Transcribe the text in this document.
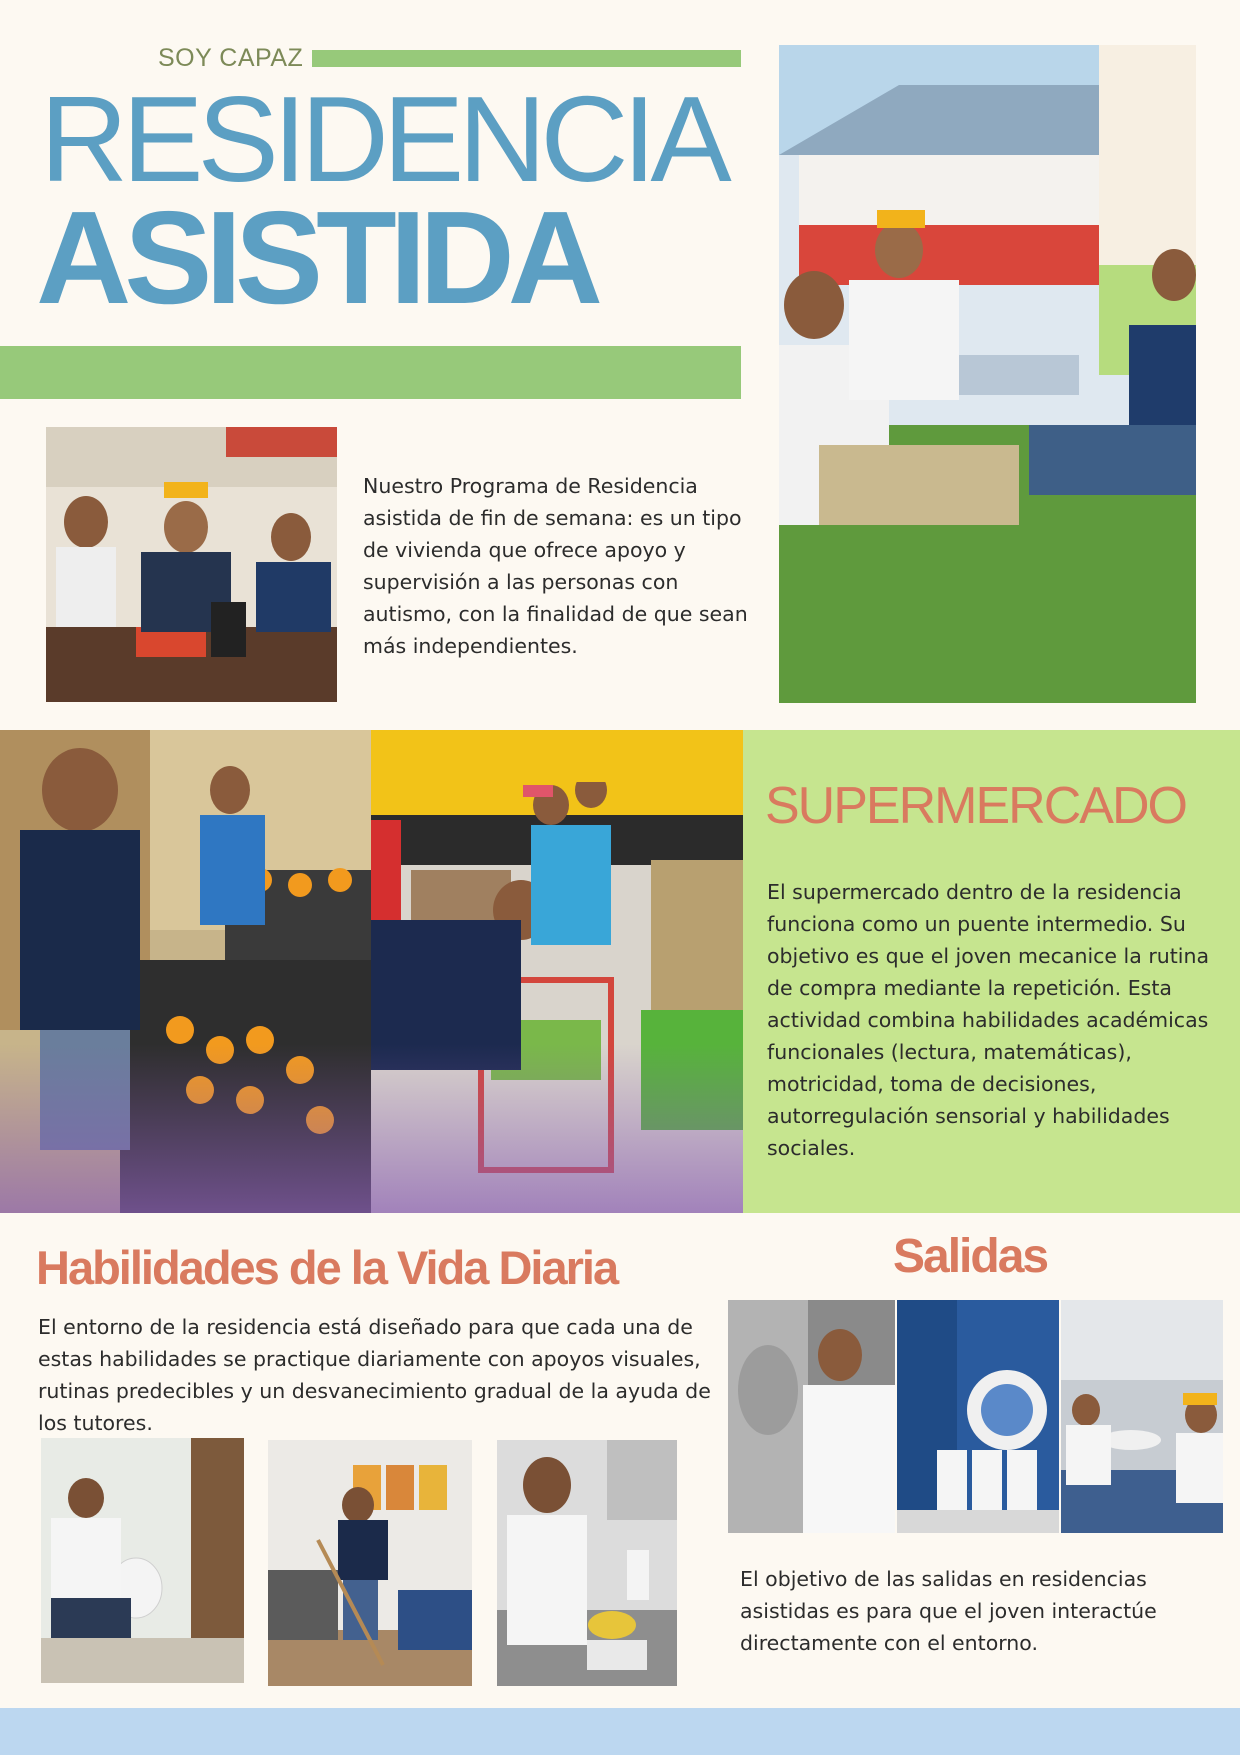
SOY CAPAZ
RESIDENCIA
ASISTIDA
Nuestro Programa de Residencia asistida de fin de semana: es un tipo de vivienda que ofrece apoyo y supervisión a las personas con autismo, con la finalidad de que sean más independientes.
SUPERMERCADO
El supermercado dentro de la residencia funciona como un puente intermedio. Su objetivo es que el joven mecanice la rutina de compra mediante la repetición. Esta actividad combina habilidades académicas funcionales (lectura, matemáticas), motricidad, toma de decisiones, autorregulación sensorial y habilidades sociales.
Habilidades de la Vida Diaria
El entorno de la residencia está diseñado para que cada una de estas habilidades se practique diariamente con apoyos visuales, rutinas predecibles y un desvanecimiento gradual de la ayuda de los tutores.
Salidas
El objetivo de las salidas en residencias asistidas es para que el joven interactúe directamente con el entorno.
